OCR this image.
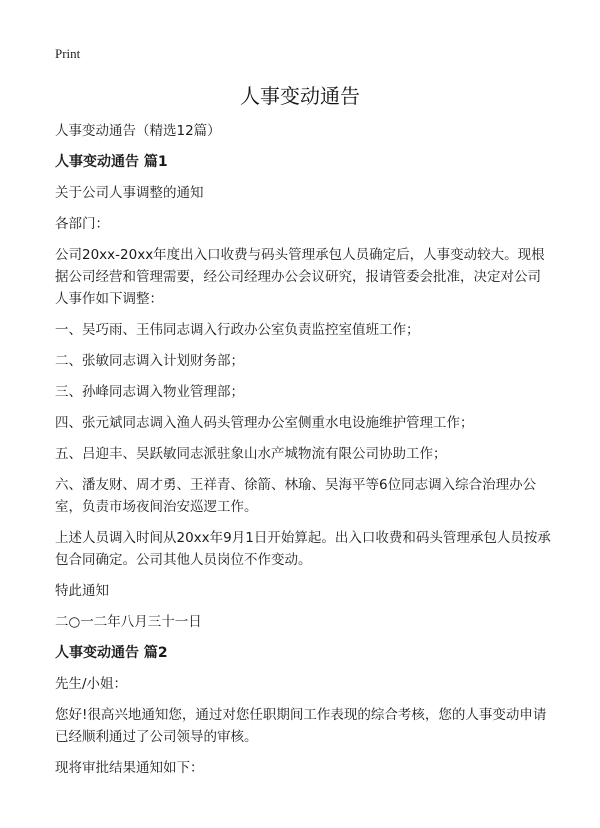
Print
人事变动通告

人事变动通告（精选12篇）

人事变动通告 篇1

关于公司人事调整的通知

各部门：

公司20xx-20xx年度出入口收费与码头管理承包人员确定后，人事变动较大。现根据公司经营和管理需要，经公司经理办公会议研究，报请管委会批准，决定对公司人事作如下调整：

一、吴巧雨、王伟同志调入行政办公室负责监控室值班工作；

二、张敏同志调入计划财务部；

三、孙峰同志调入物业管理部；

四、张元斌同志调入渔人码头管理办公室侧重水电设施维护管理工作；

五、吕迎丰、吴跃敏同志派驻象山水产城物流有限公司协助工作；

六、潘友财、周才勇、王祥青、徐箭、林瑜、吴海平等6位同志调入综合治理办公室，负责市场夜间治安巡逻工作。

上述人员调入时间从20xx年9月1日开始算起。出入口收费和码头管理承包人员按承包合同确定。公司其他人员岗位不作变动。

特此通知

二○一二年八月三十一日

人事变动通告 篇2

先生/小姐：

您好!很高兴地通知您，通过对您任职期间工作表现的综合考核，您的人事变动申请已经顺利通过了公司领导的审核。

现将审批结果通知如下：
